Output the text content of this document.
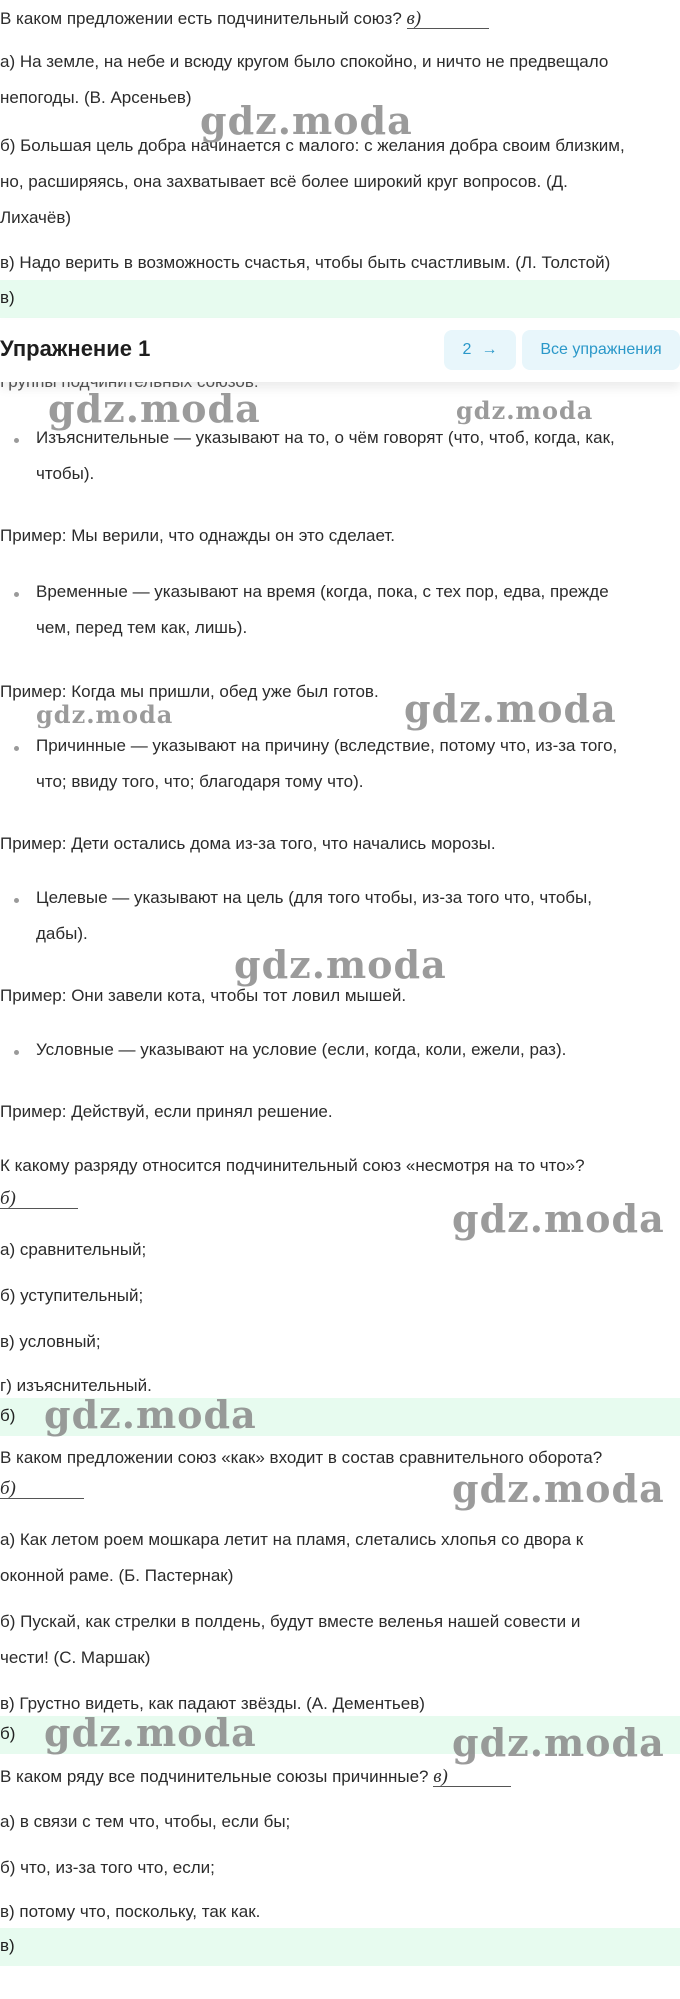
В каком предложении есть подчинительный союз? в)
а) На земле, на небе и всюду кругом было спокойно, и ничто не предвещало
непогоды. (В. Арсеньев)
б) Большая цель добра начинается с малого: с желания добра своим близким,
но, расширяясь, она захватывает всё более широкий круг вопросов. (Д.
Лихачёв)
в) Надо верить в возможность счастья, чтобы быть счастливым. (Л. Толстой)
в)
Упражнение 1	2 →	Все упражнения
Изъяснительные — указывают на то, о чём говорят (что, чтоб, когда, как,
чтобы).
Пример: Мы верили, что однажды он это сделает.
Временные — указывают на время (когда, пока, с тех пор, едва, прежде
чем, перед тем как, лишь).
Пример: Когда мы пришли, обед уже был готов.
Причинные — указывают на причину (вследствие, потому что, из-за того,
что; ввиду того, что; благодаря тому что).
Пример: Дети остались дома из-за того, что начались морозы.
Целевые — указывают на цель (для того чтобы, из-за того что, чтобы,
дабы).
Пример: Они завели кота, чтобы тот ловил мышей.
Условные — указывают на условие (если, когда, коли, ежели, раз).
Пример: Действуй, если принял решение.
К какому разряду относится подчинительный союз «несмотря на то что»?
б)
а) сравнительный;
б) уступительный;
в) условный;
г) изъяснительный.
б)
В каком предложении союз «как» входит в состав сравнительного оборота?
б)
а) Как летом роем мошкара летит на пламя, слетались хлопья со двора к
оконной раме. (Б. Пастернак)
б) Пускай, как стрелки в полдень, будут вместе веленья нашей совести и
чести! (С. Маршак)
в) Грустно видеть, как падают звёзды. (А. Дементьев)
б)
В каком ряду все подчинительные союзы причинные? в)
а) в связи с тем что, чтобы, если бы;
б) что, из-за того что, если;
в) потому что, поскольку, так как.
в)
gdz.moda
gdz.moda	gdz.moda
gdz.moda	gdz.moda
gdz.moda
gdz.moda
gdz.moda
gdz.moda
gdz.moda	gdz.moda
